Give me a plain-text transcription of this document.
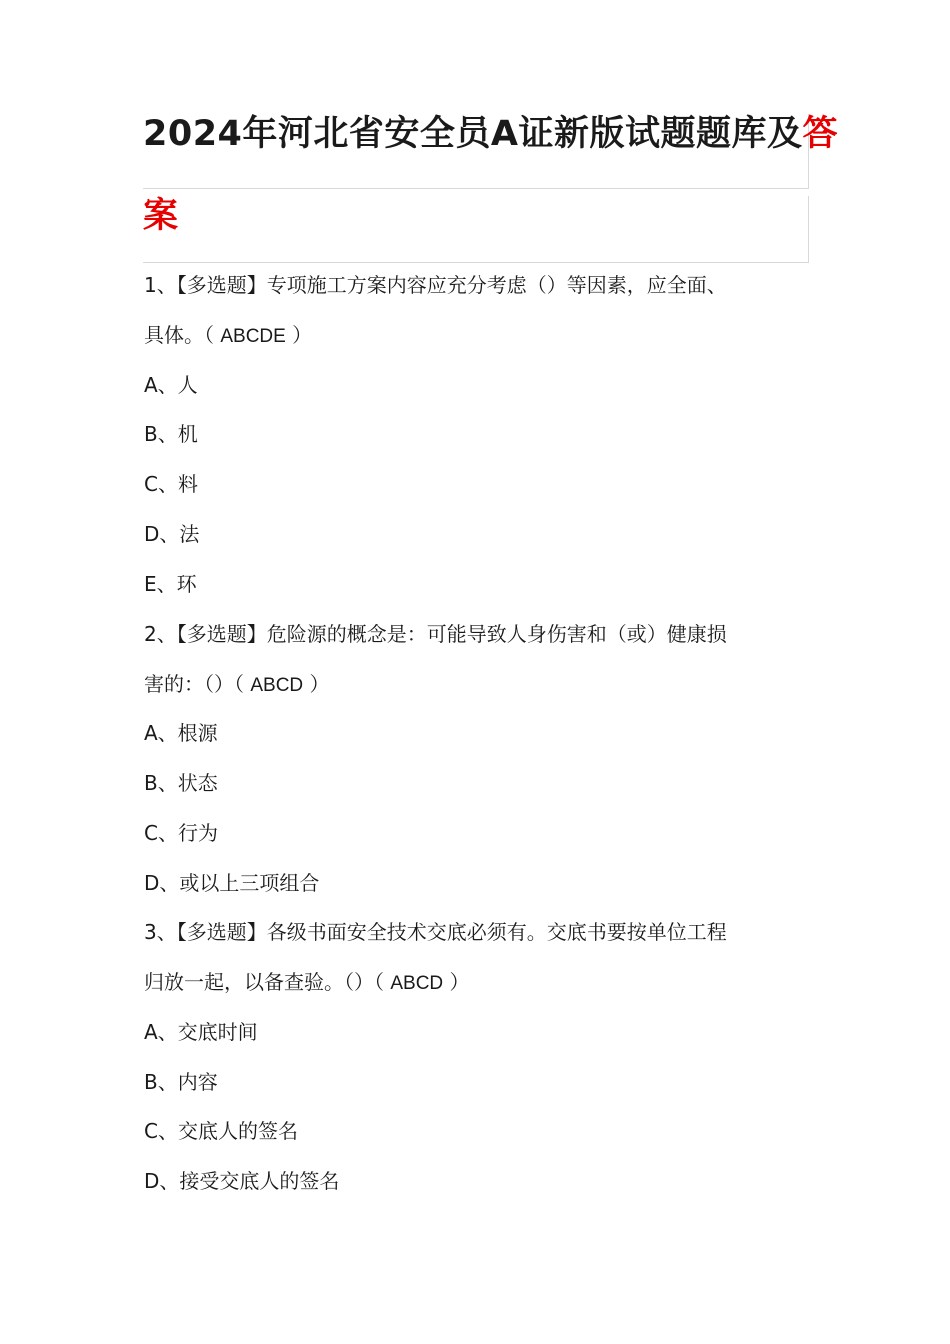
2024年河北省安全员A证新版试题题库及答
案
1、【多选题】专项施工方案内容应充分考虑（）等因素，应全面、
具体。（ ABCDE ）
A、人
B、机
C、料
D、法
E、环
2、【多选题】危险源的概念是：可能导致人身伤害和（或）健康损
害的：（）（ ABCD ）
A、根源
B、状态
C、行为
D、或以上三项组合
3、【多选题】各级书面安全技术交底必须有。交底书要按单位工程
归放一起，以备查验。（）（ ABCD ）
A、交底时间
B、内容
C、交底人的签名
D、接受交底人的签名
